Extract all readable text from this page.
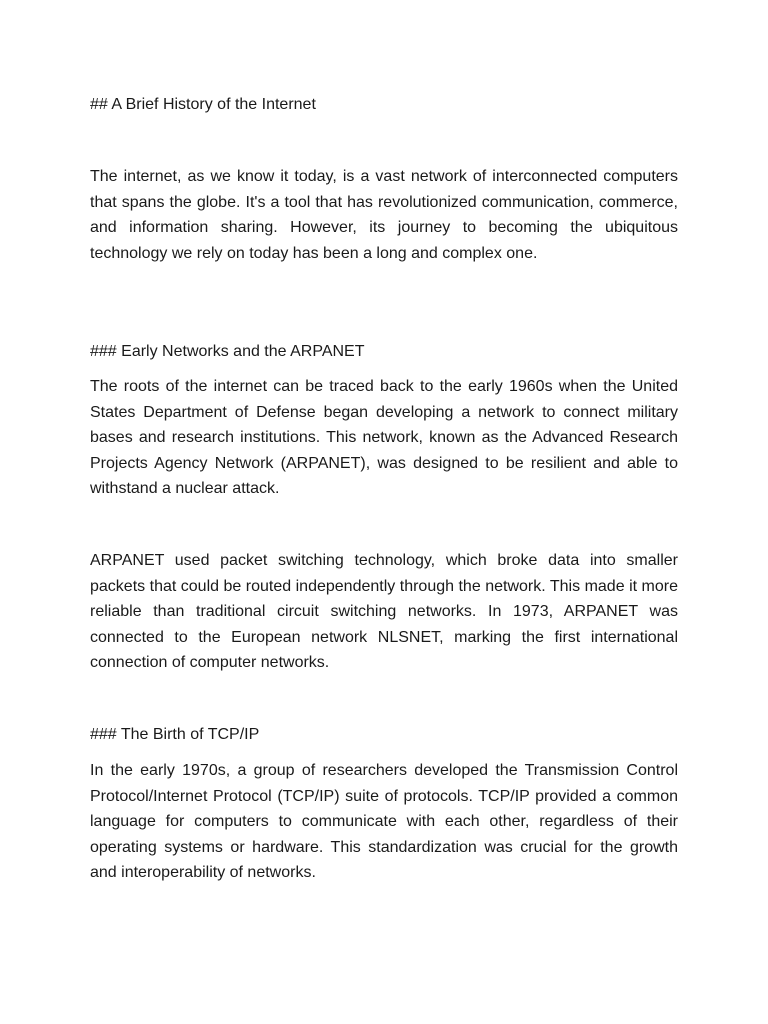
## A Brief History of the Internet

The internet, as we know it today, is a vast network of interconnected computers that spans the globe. It's a tool that has revolutionized communication, commerce, and information sharing. However, its journey to becoming the ubiquitous technology we rely on today has been a long and complex one.

### Early Networks and the ARPANET

The roots of the internet can be traced back to the early 1960s when the United States Department of Defense began developing a network to connect military bases and research institutions. This network, known as the Advanced Research Projects Agency Network (ARPANET), was designed to be resilient and able to withstand a nuclear attack.

ARPANET used packet switching technology, which broke data into smaller packets that could be routed independently through the network. This made it more reliable than traditional circuit switching networks. In 1973, ARPANET was connected to the European network NLSNET, marking the first international connection of computer networks.

### The Birth of TCP/IP

In the early 1970s, a group of researchers developed the Transmission Control Protocol/Internet Protocol (TCP/IP) suite of protocols. TCP/IP provided a common language for computers to communicate with each other, regardless of their operating systems or hardware. This standardization was crucial for the growth and interoperability of networks.
